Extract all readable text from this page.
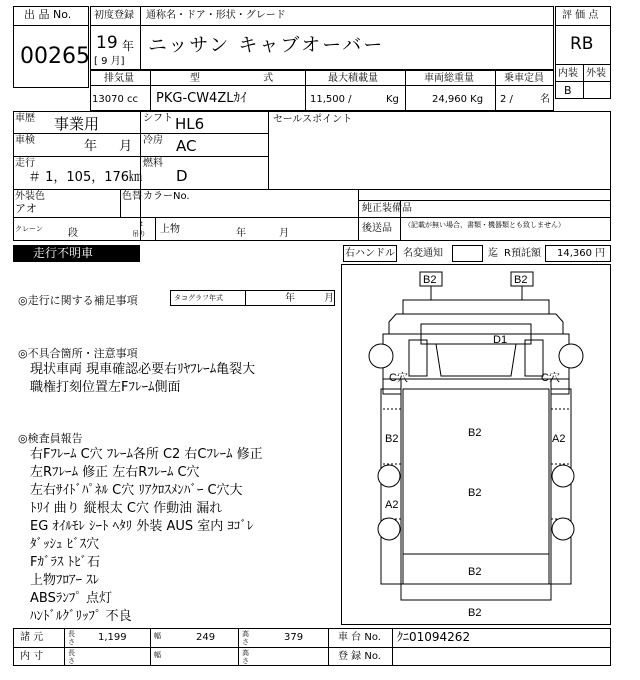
出 品 No.
00265
初度登録 通称名・ドア・形状・グレード
19 年
[ 9 月]
ニッサン キャブオーバー
評 価 点
RB
内装 外装
B
排気量	型 式 最大積載量	車両総重量	乗車定員
13070 cc PKG-CW4ZLｶｲ	11,500 /	Kg	24,960 Kg 2 /	名
車歴 事業用	シフト HL6
車検	年 月 冷房 AC
走行
＃ 1，105，176㎞
燃料
D
セールスポイント
外装色
アオ
色替 カラーNo.
純正装備品
後送品 （記載が無い場合、書類・機器類とも致しません）
クレーン	段
t
吊り 上物	年 月
走行不明車	右ハンドル 名変通知	迄 R預託額 14,360 円
◎走行に関する補足事項	タコグラフ年式	年 月
◎不具合箇所・注意事項
現状車両 現車確認必要右ﾘﾔﾌﾚｰﾑ亀裂大
職権打刻位置左Fﾌﾚｰﾑ側面
◎検査員報告
右Fﾌﾚｰﾑ C穴 ﾌﾚｰﾑ各所 C2 右Cﾌﾚｰﾑ 修正
左Rﾌﾚｰﾑ 修正 左右Rﾌﾚｰﾑ C穴
左右ｻｲﾄﾞﾊﾟﾈﾙ C穴 ﾘｱｸﾛｽﾒﾝﾊﾞｰ C穴大
ﾄﾘｲ 曲り 縦根太 C穴 作動油 漏れ
EG ｵｲﾙﾓﾚ ｼｰﾄ ﾍﾀﾘ 外装 AUS 室内 ﾖｺﾞﾚ
ﾀﾞｯｼｭ ﾋﾞｽ穴
Fｶﾞﾗｽ ﾄﾋﾞ石
上物ﾌﾛｱｰ ｽﾚ
ABSﾗﾝﾌﾟ 点灯
ﾊﾝﾄﾞﾙｸﾞﾘｯﾌﾟ 不良
B2	B2
D1
C穴	C穴
B2	B2	A2
B2
A2
B2
B2
諸 元	長さ 1,199	幅	249	高さ	379	車 台 No. ｸﾆ01094262
内 寸	長さ
幅	高さ	登 録 No.
